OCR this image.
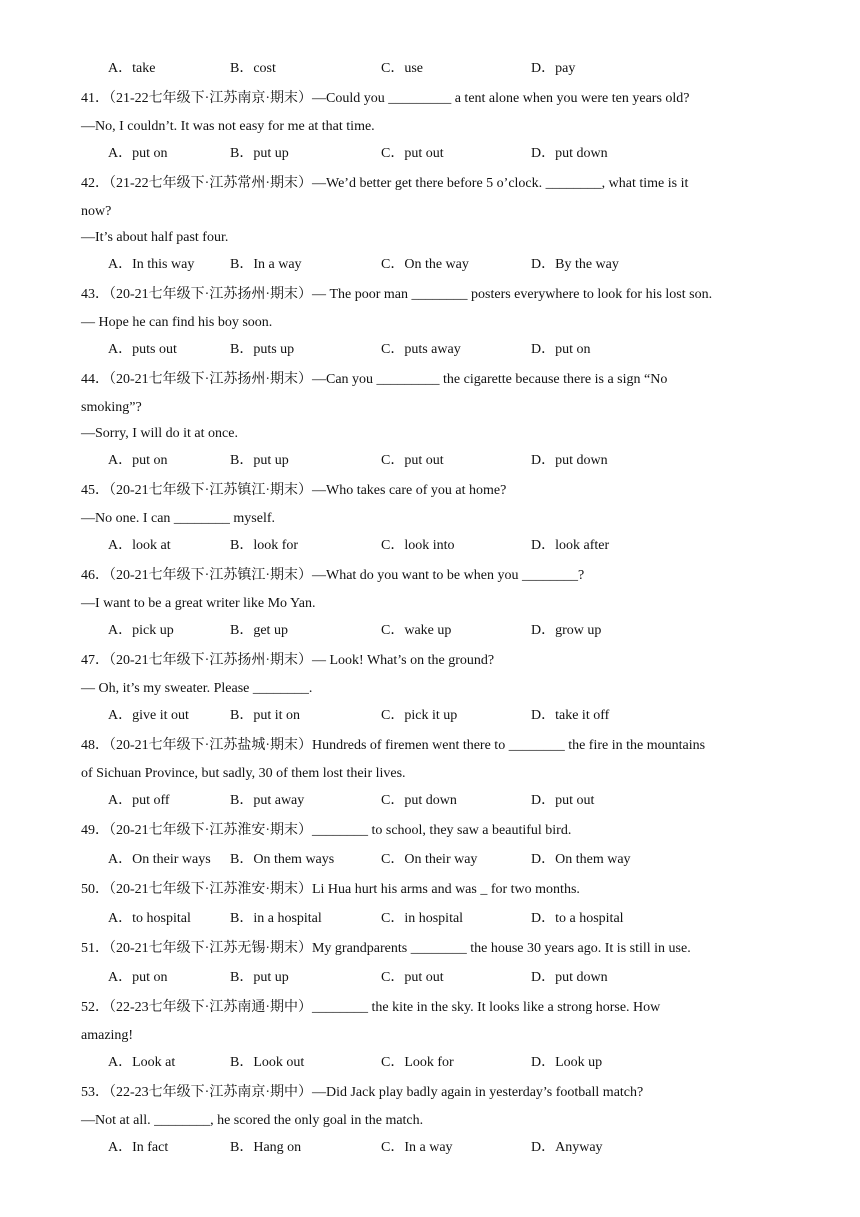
A．take	B．cost	C．use	D．pay
41．（21-22七年级下·江苏南京·期末）—Could you _________ a tent alone when you were ten years old?
—No, I couldn’t. It was not easy for me at that time.
A．put on	B．put up	C．put out	D．put down
42．（21-22七年级下·江苏常州·期末）—We’d better get there before 5 o’clock. ________, what time is it
now?
—It’s about half past four.
A．In this way	B．In a way	C．On the way	D．By the way
43．（20-21七年级下·江苏扬州·期末）— The poor man ________ posters everywhere to look for his lost son.
— Hope he can find his boy soon.
A．puts out	B．puts up	C．puts away	D．put on
44．（20-21七年级下·江苏扬州·期末）—Can you _________ the cigarette because there is a sign “No
smoking”?
—Sorry, I will do it at once.
A．put on	B．put up	C．put out	D．put down
45．（20-21七年级下·江苏镇江·期末）—Who takes care of you at home?
—No one. I can ________ myself.
A．look at	B．look for	C．look into	D．look after
46．（20-21七年级下·江苏镇江·期末）—What do you want to be when you ________?
—I want to be a great writer like Mo Yan.
A．pick up	B．get up	C．wake up	D．grow up
47．（20-21七年级下·江苏扬州·期末）— Look! What’s on the ground?
— Oh, it’s my sweater. Please ________.
A．give it out	B．put it on	C．pick it up	D．take it off
48．（20-21七年级下·江苏盐城·期末）Hundreds of firemen went there to ________ the fire in the mountains
of Sichuan Province, but sadly, 30 of them lost their lives.
A．put off	B．put away	C．put down	D．put out
49．（20-21七年级下·江苏淮安·期末）________ to school, they saw a beautiful bird.
A．On their ways B．On them ways	C．On their way	D．On them way
50．（20-21七年级下·江苏淮安·期末）Li Hua hurt his arms and was _ for two months.
A．to hospital	B．in a hospital	C．in hospital	D．to a hospital
51．（20-21七年级下·江苏无锡·期末）My grandparents ________ the house 30 years ago. It is still in use.
A．put on	B．put up	C．put out	D．put down
52．（22-23七年级下·江苏南通·期中）________ the kite in the sky. It looks like a strong horse. How
amazing!
A．Look at	B．Look out	C．Look for	D．Look up
53．（22-23七年级下·江苏南京·期中）—Did Jack play badly again in yesterday’s football match?
—Not at all. ________, he scored the only goal in the match.
A．In fact	B．Hang on	C．In a way	D．Anyway
